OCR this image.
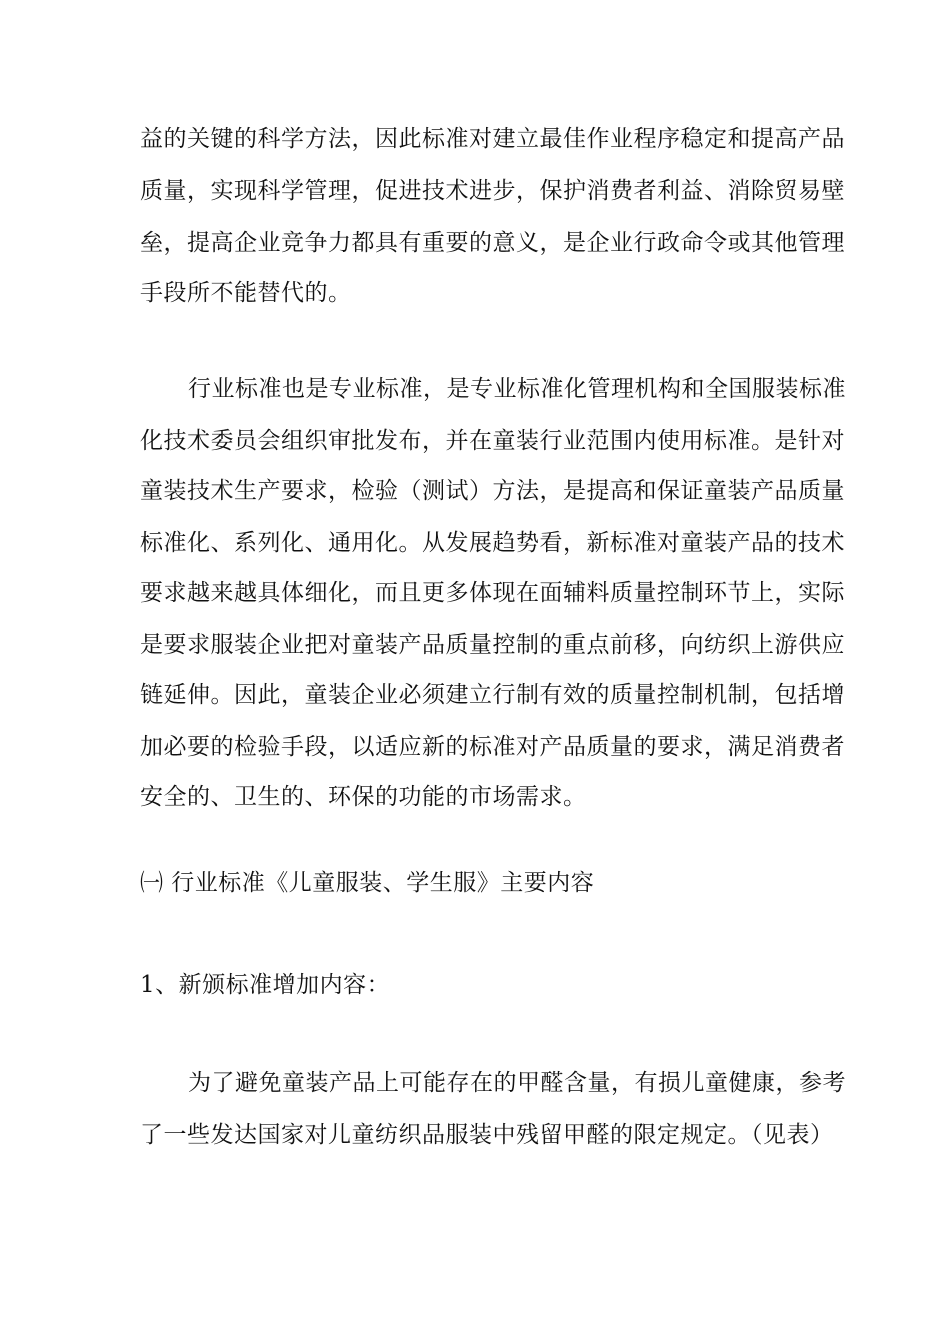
益的关键的科学方法，因此标准对建立最佳作业程序稳定和提高产品
质量，实现科学管理，促进技术进步，保护消费者利益、消除贸易壁
垒，提高企业竞争力都具有重要的意义，是企业行政命令或其他管理
手段所不能替代的。
行业标准也是专业标准，是专业标准化管理机构和全国服装标准
化技术委员会组织审批发布，并在童装行业范围内使用标准。是针对
童装技术生产要求，检验（测试）方法，是提高和保证童装产品质量
标准化、系列化、通用化。从发展趋势看，新标准对童装产品的技术
要求越来越具体细化，而且更多体现在面辅料质量控制环节上，实际
是要求服装企业把对童装产品质量控制的重点前移，向纺织上游供应
链延伸。因此，童装企业必须建立行制有效的质量控制机制，包括增
加必要的检验手段，以适应新的标准对产品质量的要求，满足消费者
安全的、卫生的、环保的功能的市场需求。
㈠ 行业标准《儿童服装、学生服》主要内容
1、新颁标准增加内容：
为了避免童装产品上可能存在的甲醛含量，有损儿童健康，参考
了一些发达国家对儿童纺织品服装中残留甲醛的限定规定。（见表）
